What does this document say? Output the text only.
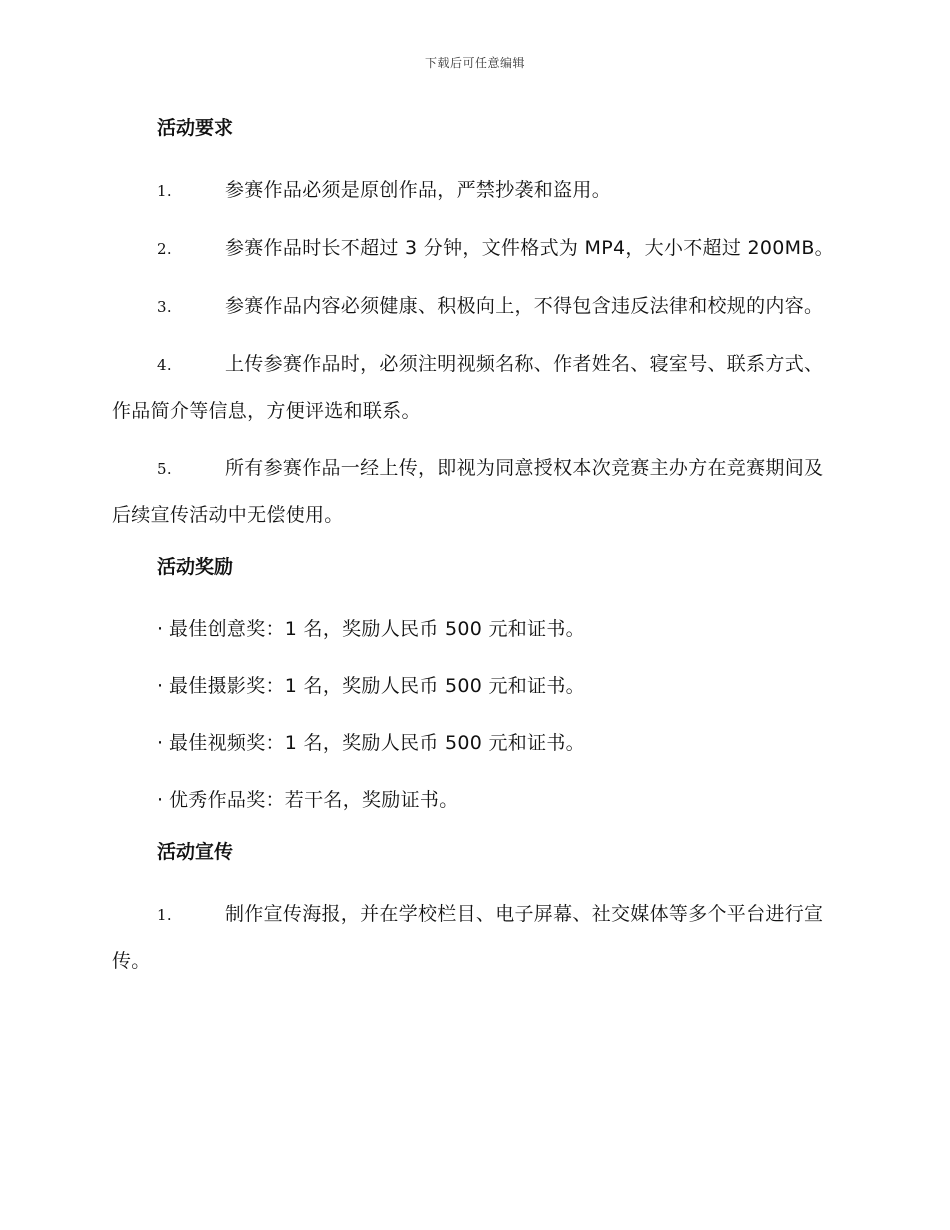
下载后可任意编辑
活动要求

1.	参赛作品必须是原创作品，严禁抄袭和盗用。

2.	参赛作品时长不超过 3 分钟，文件格式为 MP4，大小不超过 200MB。

3.	参赛作品内容必须健康、积极向上，不得包含违反法律和校规的内容。

4.	上传参赛作品时，必须注明视频名称、作者姓名、寝室号、联系方式、作品简介等信息，方便评选和联系。

5.	所有参赛作品一经上传，即视为同意授权本次竞赛主办方在竞赛期间及后续宣传活动中无偿使用。

活动奖励

· 最佳创意奖：1 名，奖励人民币 500 元和证书。

· 最佳摄影奖：1 名，奖励人民币 500 元和证书。

· 最佳视频奖：1 名，奖励人民币 500 元和证书。

· 优秀作品奖：若干名，奖励证书。

活动宣传

1.	制作宣传海报，并在学校栏目、电子屏幕、社交媒体等多个平台进行宣传。
